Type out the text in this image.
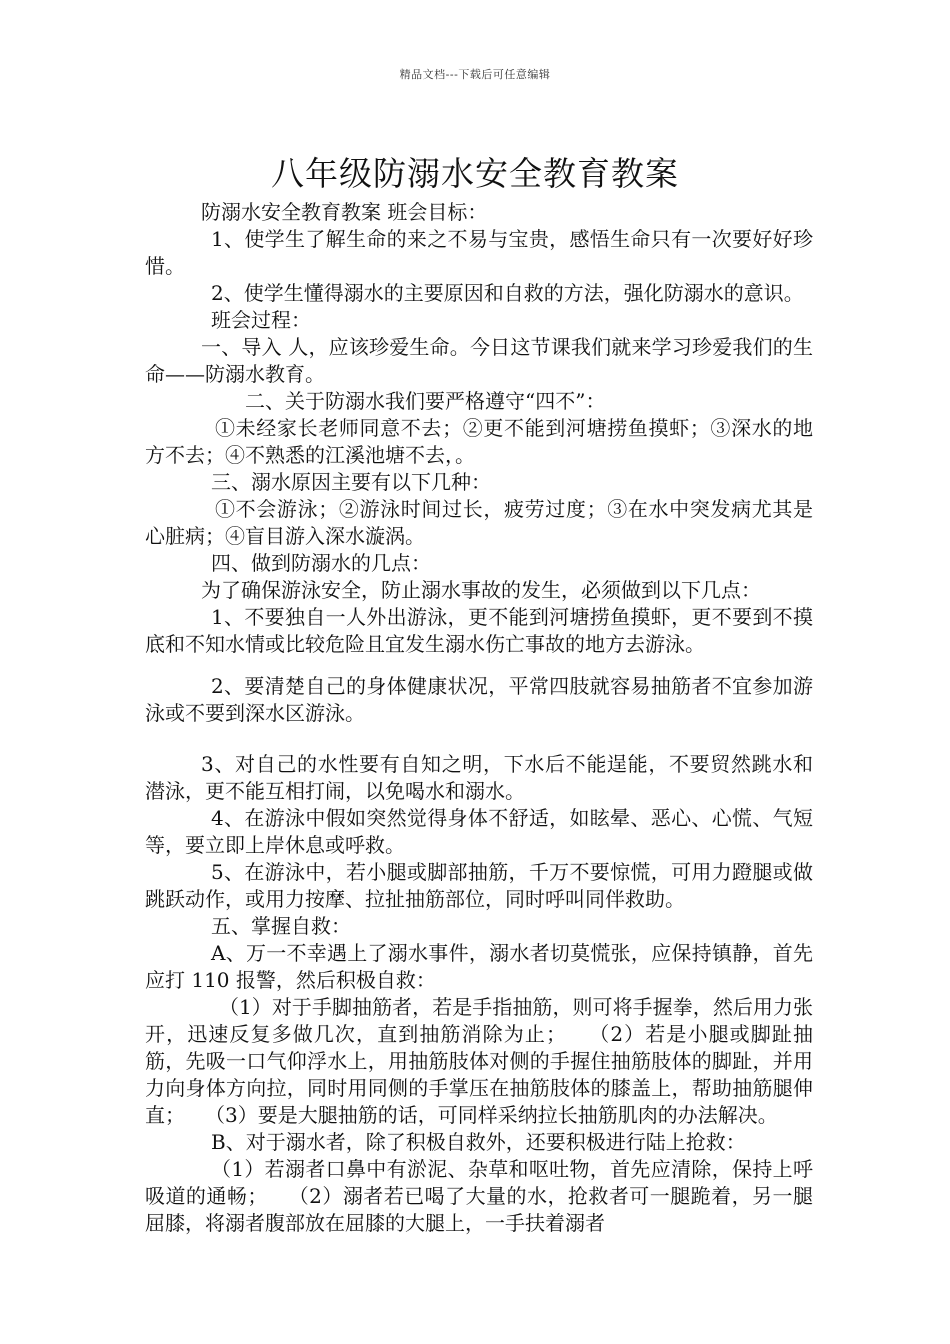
精品文档---下载后可任意编辑
八年级防溺水安全教育教案

防溺水安全教育教案 班会目标：

1、使学生了解生命的来之不易与宝贵，感悟生命只有一次要好好珍惜。

2、使学生懂得溺水的主要原因和自救的方法，强化防溺水的意识。

班会过程：

一、导入 人，应该珍爱生命。今日这节课我们就来学习珍爱我们的生命——防溺水教育。

二、关于防溺水我们要严格遵守“四不”：

①未经家长老师同意不去；②更不能到河塘捞鱼摸虾；③深水的地方不去；④不熟悉的江溪池塘不去，。

三、溺水原因主要有以下几种：

①不会游泳；②游泳时间过长，疲劳过度；③在水中突发病尤其是心脏病；④盲目游入深水漩涡。

四、做到防溺水的几点：

为了确保游泳安全，防止溺水事故的发生，必须做到以下几点：

1、不要独自一人外出游泳，更不能到河塘捞鱼摸虾，更不要到不摸底和不知水情或比较危险且宜发生溺水伤亡事故的地方去游泳。

2、要清楚自己的身体健康状况，平常四肢就容易抽筋者不宜参加游泳或不要到深水区游泳。

3、对自己的水性要有自知之明，下水后不能逞能，不要贸然跳水和潜泳，更不能互相打闹，以免喝水和溺水。

4、在游泳中假如突然觉得身体不舒适，如眩晕、恶心、心慌、气短等，要立即上岸休息或呼救。

5、在游泳中，若小腿或脚部抽筋，千万不要惊慌，可用力蹬腿或做跳跃动作，或用力按摩、拉扯抽筋部位，同时呼叫同伴救助。

五、掌握自救：

A、万一不幸遇上了溺水事件，溺水者切莫慌张，应保持镇静，首先应打 110 报警，然后积极自救：

（1）对于手脚抽筋者，若是手指抽筋，则可将手握拳，然后用力张开，迅速反复多做几次，直到抽筋消除为止；　　（2）若是小腿或脚趾抽筋，先吸一口气仰浮水上，用抽筋肢体对侧的手握住抽筋肢体的脚趾，并用力向身体方向拉，同时用同侧的手掌压在抽筋肢体的膝盖上，帮助抽筋腿伸直；　　（3）要是大腿抽筋的话，可同样采纳拉长抽筋肌肉的办法解决。

B、对于溺水者，除了积极自救外，还要积极进行陆上抢救：

（1）若溺者口鼻中有淤泥、杂草和呕吐物，首先应清除，保持上呼吸道的通畅；　　（2）溺者若已喝了大量的水，抢救者可一腿跪着，另一腿屈膝，将溺者腹部放在屈膝的大腿上，一手扶着溺者
